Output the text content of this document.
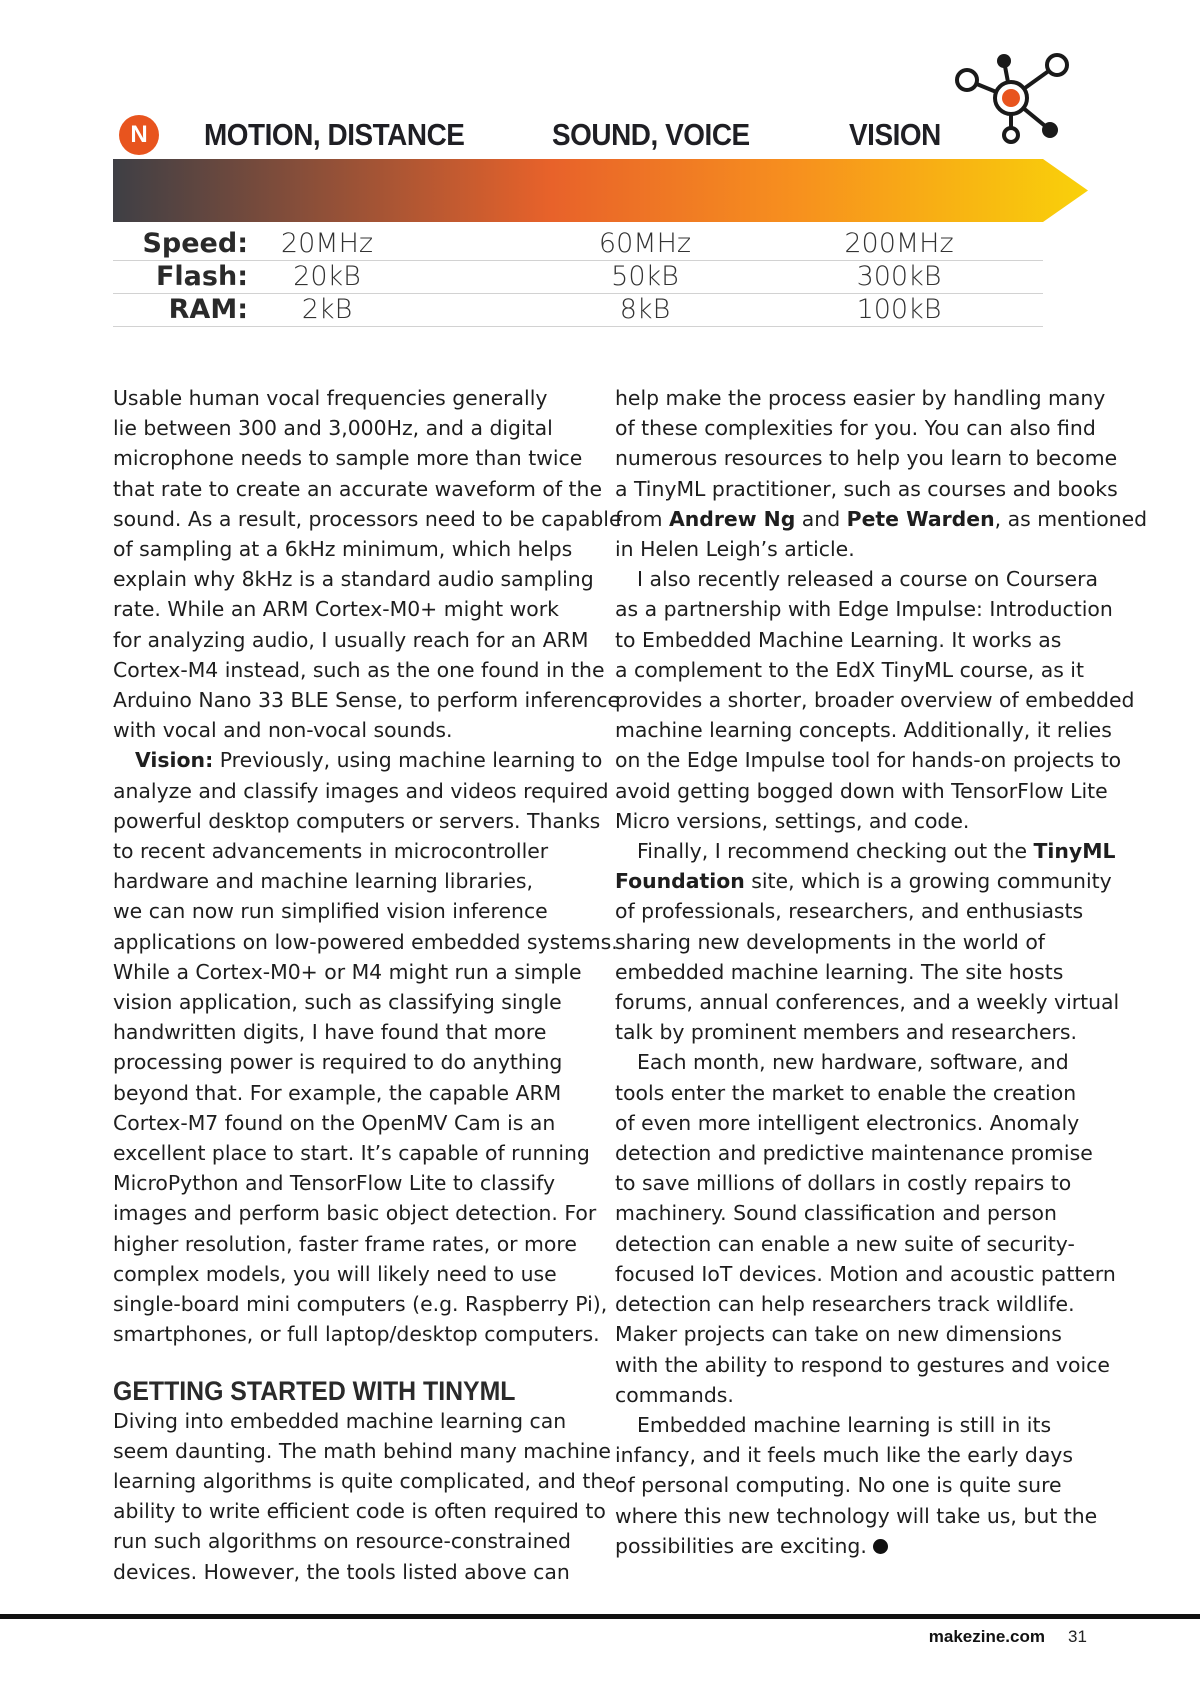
N	MOTION, DISTANCE	SOUND, VOICE	VISION
Speed: 20MHz	60MHz	200MHz
Flash: 20kB	50kB	300kB
RAM: 2kB	8kB	100kB

Usable human vocal frequencies generally
lie between 300 and 3,000Hz, and a digital
microphone needs to sample more than twice
that rate to create an accurate waveform of the
sound. As a result, processors need to be capable
of sampling at a 6kHz minimum, which helps
explain why 8kHz is a standard audio sampling
rate. While an ARM Cortex-M0+ might work
for analyzing audio, I usually reach for an ARM
Cortex-M4 instead, such as the one found in the
Arduino Nano 33 BLE Sense, to perform inference
with vocal and non-vocal sounds.

Vision: Previously, using machine learning to
analyze and classify images and videos required
powerful desktop computers or servers. Thanks
to recent advancements in microcontroller
hardware and machine learning libraries,
we can now run simplified vision inference
applications on low-powered embedded systems.
While a Cortex-M0+ or M4 might run a simple
vision application, such as classifying single
handwritten digits, I have found that more
processing power is required to do anything
beyond that. For example, the capable ARM
Cortex-M7 found on the OpenMV Cam is an
excellent place to start. It’s capable of running
MicroPython and TensorFlow Lite to classify
images and perform basic object detection. For
higher resolution, faster frame rates, or more
complex models, you will likely need to use
single-board mini computers (e.g. Raspberry Pi),
smartphones, or full laptop/desktop computers.

GETTING STARTED WITH TINYML

Diving into embedded machine learning can
seem daunting. The math behind many machine
learning algorithms is quite complicated, and the
ability to write efficient code is often required to
run such algorithms on resource-constrained
devices. However, the tools listed above can

help make the process easier by handling many
of these complexities for you. You can also find
numerous resources to help you learn to become
a TinyML practitioner, such as courses and books
from Andrew Ng and Pete Warden, as mentioned
in Helen Leigh’s article.

I also recently released a course on Coursera
as a partnership with Edge Impulse: Introduction
to Embedded Machine Learning. It works as
a complement to the EdX TinyML course, as it
provides a shorter, broader overview of embedded
machine learning concepts. Additionally, it relies
on the Edge Impulse tool for hands-on projects to
avoid getting bogged down with TensorFlow Lite
Micro versions, settings, and code.

Finally, I recommend checking out the TinyML
Foundation site, which is a growing community
of professionals, researchers, and enthusiasts
sharing new developments in the world of
embedded machine learning. The site hosts
forums, annual conferences, and a weekly virtual
talk by prominent members and researchers.

Each month, new hardware, software, and
tools enter the market to enable the creation
of even more intelligent electronics. Anomaly
detection and predictive maintenance promise
to save millions of dollars in costly repairs to
machinery. Sound classification and person
detection can enable a new suite of security-
focused IoT devices. Motion and acoustic pattern
detection can help researchers track wildlife.
Maker projects can take on new dimensions
with the ability to respond to gestures and voice
commands.

Embedded machine learning is still in its
infancy, and it feels much like the early days
of personal computing. No one is quite sure
where this new technology will take us, but the
possibilities are exciting.	✓

makezine.com 31
